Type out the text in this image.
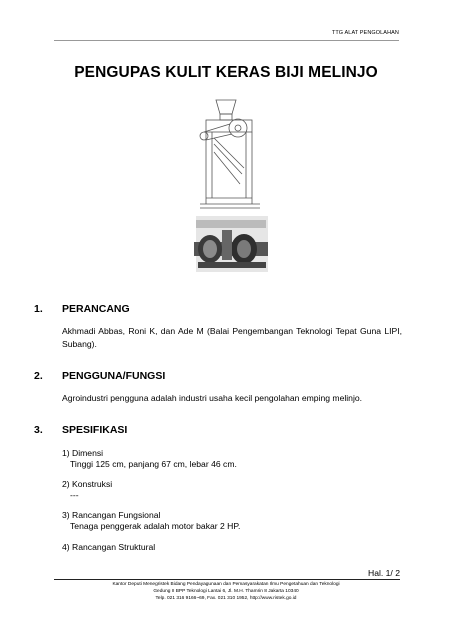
TTG ALAT PENGOLAHAN
PENGUPAS KULIT KERAS BIJI MELINJO
1. PERANCANG
Akhmadi Abbas, Roni K, dan Ade M (Balai Pengembangan Teknologi Tepat Guna LIPI, Subang).
2. PENGGUNA/FUNGSI
Agroindustri pengguna adalah industri usaha kecil pengolahan emping melinjo.
3. SPESIFIKASI
1) Dimensi
Tinggi 125 cm, panjang 67 cm, lebar 46 cm.
2) Konstruksi
---
3) Rancangan Fungsional
Tenaga penggerak adalah motor bakar 2 HP.
4) Rancangan Struktural
Hal. 1/ 2
Kantor Deputi Menegristek Bidang Pendayagunaan dan Pemasyarakatan Ilmu Pengetahuan dan Teknologi
Gedung II BPP Teknologi Lantai 6, Jl. M.H. Thamrin 8 Jakarta 10340
Telp. 021 316 9166~69, Fax. 021 310 1952, http://www.ristek.go.id
